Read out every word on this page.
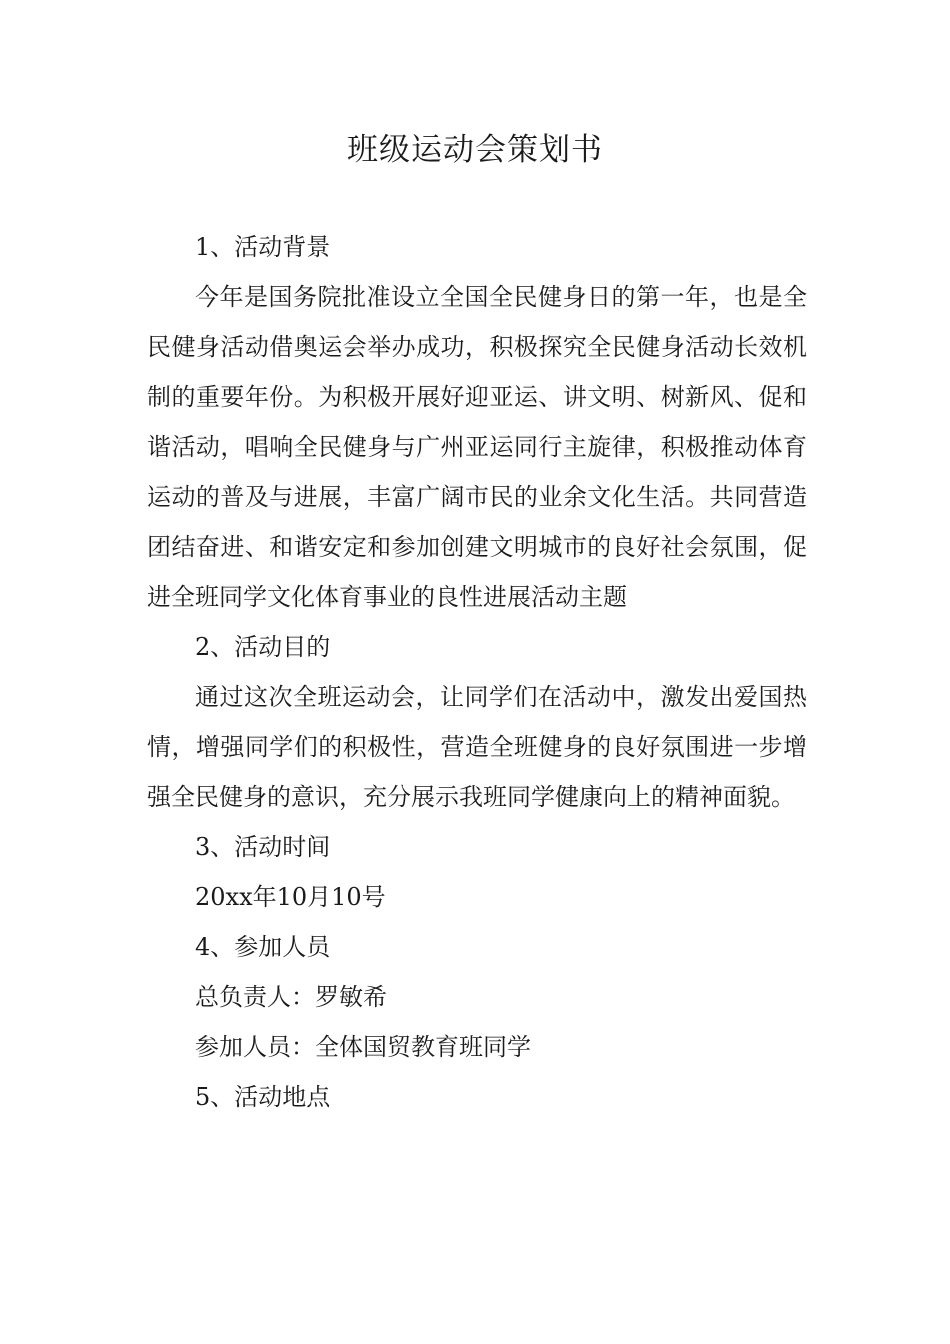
班级运动会策划书

1、活动背景

今年是国务院批准设立全国全民健身日的第一年，也是全民健身活动借奥运会举办成功，积极探究全民健身活动长效机制的重要年份。为积极开展好迎亚运、讲文明、树新风、促和谐活动，唱响全民健身与广州亚运同行主旋律，积极推动体育运动的普及与进展，丰富广阔市民的业余文化生活。共同营造团结奋进、和谐安定和参加创建文明城市的良好社会氛围，促进全班同学文化体育事业的良性进展活动主题

2、活动目的

通过这次全班运动会，让同学们在活动中，激发出爱国热情，增强同学们的积极性，营造全班健身的良好氛围进一步增强全民健身的意识，充分展示我班同学健康向上的精神面貌。

3、活动时间

20xx年10月10号

4、参加人员

总负责人：罗敏希

参加人员：全体国贸教育班同学

5、活动地点
